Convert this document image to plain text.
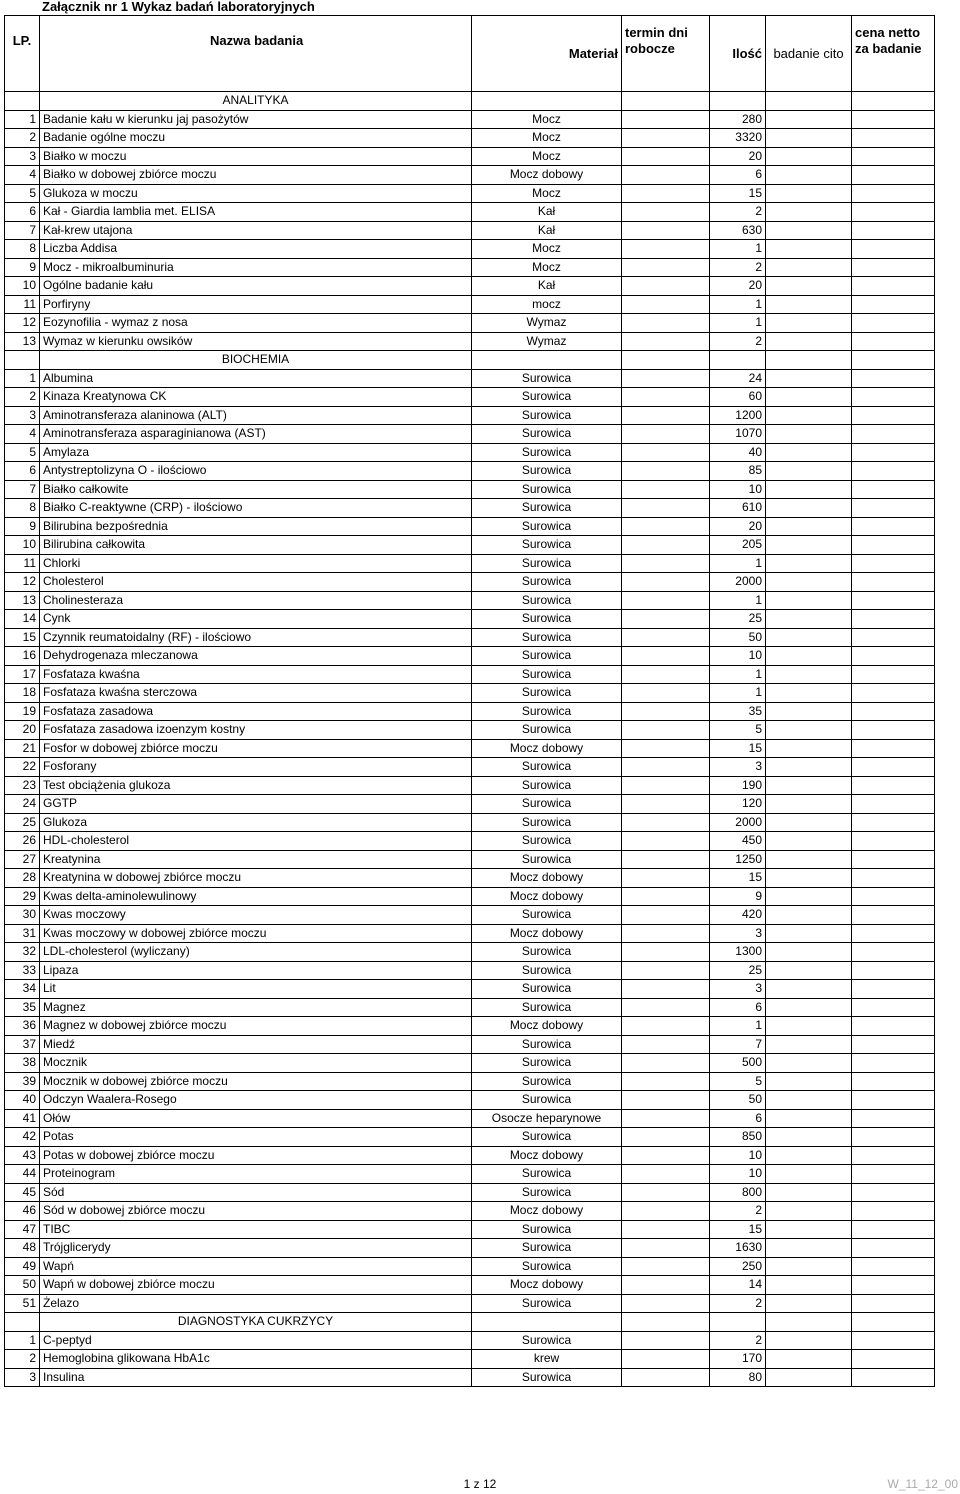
Załącznik nr 1 Wykaz badań laboratoryjnych
LP.	Nazwa badania	Materiał	termin dni robocze	Ilość	badanie cito	cena netto za badanie
	ANALITYKA					
1	Badanie kału w kierunku jaj pasożytów	Mocz		280		
2	Badanie ogólne moczu	Mocz		3320		
3	Białko w moczu	Mocz		20		
4	Białko w dobowej zbiórce moczu	Mocz dobowy		6		
5	Glukoza w moczu	Mocz		15		
6	Kał - Giardia lamblia met. ELISA	Kał		2		
7	Kał-krew utajona	Kał		630		
8	Liczba Addisa	Mocz		1		
9	Mocz - mikroalbuminuria	Mocz		2		
10	Ogólne badanie kału	Kał		20		
11	Porfiryny	mocz		1		
12	Eozynofilia - wymaz z nosa	Wymaz		1		
13	Wymaz w kierunku owsików	Wymaz		2		
	BIOCHEMIA					
1	Albumina	Surowica		24		
2	Kinaza Kreatynowa CK	Surowica		60		
3	Aminotransferaza alaninowa (ALT)	Surowica		1200		
4	Aminotransferaza asparaginianowa (AST)	Surowica		1070		
5	Amylaza	Surowica		40		
6	Antystreptolizyna O - ilościowo	Surowica		85		
7	Białko całkowite	Surowica		10		
8	Białko C-reaktywne (CRP) - ilościowo	Surowica		610		
9	Bilirubina bezpośrednia	Surowica		20		
10	Bilirubina całkowita	Surowica		205		
11	Chlorki	Surowica		1		
12	Cholesterol	Surowica		2000		
13	Cholinesteraza	Surowica		1		
14	Cynk	Surowica		25		
15	Czynnik reumatoidalny (RF) - ilościowo	Surowica		50		
16	Dehydrogenaza mleczanowa	Surowica		10		
17	Fosfataza kwaśna	Surowica		1		
18	Fosfataza kwaśna sterczowa	Surowica		1		
19	Fosfataza zasadowa	Surowica		35		
20	Fosfataza zasadowa izoenzym kostny	Surowica		5		
21	Fosfor w dobowej zbiórce moczu	Mocz dobowy		15		
22	Fosforany	Surowica		3		
23	Test obciążenia glukoza	Surowica		190		
24	GGTP	Surowica		120		
25	Glukoza	Surowica		2000		
26	HDL-cholesterol	Surowica		450		
27	Kreatynina	Surowica		1250		
28	Kreatynina w dobowej zbiórce moczu	Mocz dobowy		15		
29	Kwas delta-aminolewulinowy	Mocz dobowy		9		
30	Kwas moczowy	Surowica		420		
31	Kwas moczowy w dobowej zbiórce moczu	Mocz dobowy		3		
32	LDL-cholesterol (wyliczany)	Surowica		1300		
33	Lipaza	Surowica		25		
34	Lit	Surowica		3		
35	Magnez	Surowica		6		
36	Magnez w dobowej zbiórce moczu	Mocz dobowy		1		
37	Miedź	Surowica		7		
38	Mocznik	Surowica		500		
39	Mocznik w dobowej zbiórce moczu	Surowica		5		
40	Odczyn Waalera-Rosego	Surowica		50		
41	Ołów	Osocze heparynowe		6		
42	Potas	Surowica		850		
43	Potas w dobowej zbiórce moczu	Mocz dobowy		10		
44	Proteinogram	Surowica		10		
45	Sód	Surowica		800		
46	Sód w dobowej zbiórce moczu	Mocz dobowy		2		
47	TIBC	Surowica		15		
48	Trójglicerydy	Surowica		1630		
49	Wapń	Surowica		250		
50	Wapń w dobowej zbiórce moczu	Mocz dobowy		14		
51	Żelazo	Surowica		2		
	DIAGNOSTYKA CUKRZYCY					
1	C-peptyd	Surowica		2		
2	Hemoglobina glikowana HbA1c	krew		170		
3	Insulina	Surowica		80		
1 z 12	W_11_12_00
